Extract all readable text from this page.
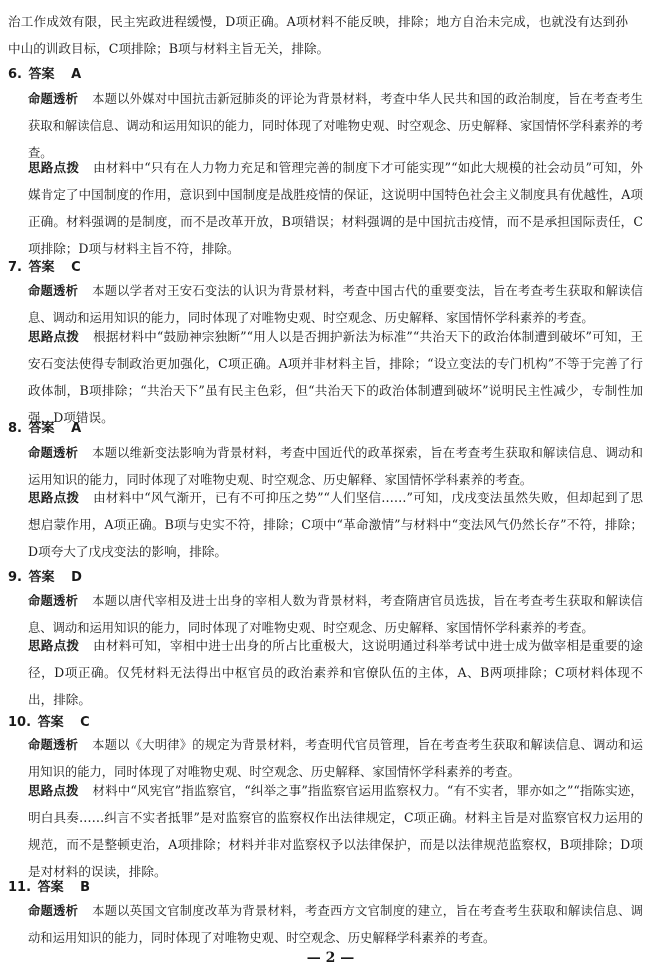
治工作成效有限，民主宪政进程缓慢，D项正确。A项材料不能反映，排除；地方自治未完成，也就没有达到孙中山的训政目标，C项排除；B项与材料主旨无关，排除。
6. 答案 A
命题透析 本题以外媒对中国抗击新冠肺炎的评论为背景材料，考查中华人民共和国的政治制度，旨在考查考生获取和解读信息、调动和运用知识的能力，同时体现了对唯物史观、时空观念、历史解释、家国情怀学科素养的考查。
思路点拨 由材料中“只有在人力物力充足和管理完善的制度下才可能实现”“如此大规模的社会动员”可知，外媒肯定了中国制度的作用，意识到中国制度是战胜疫情的保证，这说明中国特色社会主义制度具有优越性，A项正确。材料强调的是制度，而不是改革开放，B项错误；材料强调的是中国抗击疫情，而不是承担国际责任，C项排除；D项与材料主旨不符，排除。
7. 答案 C
命题透析 本题以学者对王安石变法的认识为背景材料，考查中国古代的重要变法，旨在考查考生获取和解读信息、调动和运用知识的能力，同时体现了对唯物史观、时空观念、历史解释、家国情怀学科素养的考查。
思路点拨 根据材料中“鼓励神宗独断”“用人以是否拥护新法为标准”“共治天下的政治体制遭到破坏”可知，王安石变法使得专制政治更加强化，C项正确。A项并非材料主旨，排除；“设立变法的专门机构”不等于完善了行政体制，B项排除；“共治天下”虽有民主色彩，但“共治天下的政治体制遭到破坏”说明民主性减少，专制性加强，D项错误。
8. 答案 A
命题透析 本题以维新变法影响为背景材料，考查中国近代的政革探索，旨在考查考生获取和解读信息、调动和运用知识的能力，同时体现了对唯物史观、时空观念、历史解释、家国情怀学科素养的考查。
思路点拨 由材料中“风气渐开，已有不可抑压之势”“人们坚信……”可知，戊戌变法虽然失败，但却起到了思想启蒙作用，A项正确。B项与史实不符，排除；C项中“革命激情”与材料中“变法风气仍然长存”不符，排除；D项夸大了戊戌变法的影响，排除。
9. 答案 D
命题透析 本题以唐代宰相及进士出身的宰相人数为背景材料，考查隋唐官员选拔，旨在考查考生获取和解读信息、调动和运用知识的能力，同时体现了对唯物史观、时空观念、历史解释、家国情怀学科素养的考查。
思路点拨 由材料可知，宰相中进士出身的所占比重极大，这说明通过科举考试中进士成为做宰相是重要的途径，D项正确。仅凭材料无法得出中枢官员的政治素养和官僚队伍的主体，A、B两项排除；C项材料体现不出，排除。
10. 答案 C
命题透析 本题以《大明律》的规定为背景材料，考查明代官员管理，旨在考查考生获取和解读信息、调动和运用知识的能力，同时体现了对唯物史观、时空观念、历史解释、家国情怀学科素养的考查。
思路点拨 材料中“风宪官”指监察官，“纠举之事”指监察官运用监察权力。“有不实者，罪亦如之”“指陈实迹，明白具奏……纠言不实者抵罪”是对监察官的监察权作出法律规定，C项正确。材料主旨是对监察官权力运用的规范，而不是整顿吏治，A项排除；材料并非对监察权予以法律保护，而是以法律规范监察权，B项排除；D项是对材料的误读，排除。
11. 答案 B
命题透析 本题以英国文官制度改革为背景材料，考查西方文官制度的建立，旨在考查考生获取和解读信息、调动和运用知识的能力，同时体现了对唯物史观、时空观念、历史解释学科素养的考查。
— 2 —
